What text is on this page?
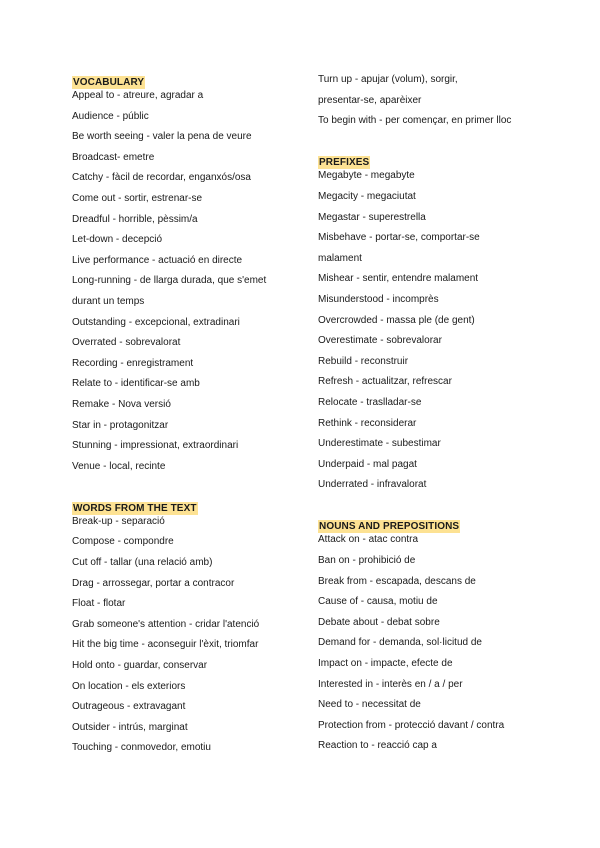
VOCABULARY
Appeal to - atreure, agradar a
Audience - públic
Be worth seeing - valer la pena de veure
Broadcast- emetre
Catchy - fàcil de recordar, enganxós/osa
Come out - sortir, estrenar-se
Dreadful - horrible, pèssim/a
Let-down - decepció
Live performance - actuació en directe
Long-running - de llarga durada, que s'emet
durant un temps
Outstanding - excepcional, extradinari
Overrated - sobrevalorat
Recording - enregistrament
Relate to - identificar-se amb
Remake - Nova versió
Star in - protagonitzar
Stunning - impressionat, extraordinari
Venue - local, recinte
WORDS FROM THE TEXT
Break-up - separació
Compose - compondre
Cut off - tallar (una relació amb)
Drag - arrossegar, portar a contracor
Float - flotar
Grab someone's attention - cridar l'atenció
Hit the big time - aconseguir l'èxit, triomfar
Hold onto - guardar, conservar
On location - els exteriors
Outrageous - extravagant
Outsider - intrús, marginat
Touching - conmovedor, emotiu
Turn up - apujar (volum), sorgir,
presentar-se, aparèixer
To begin with - per començar, en primer lloc
PREFIXES
Megabyte - megabyte
Megacity - megaciutat
Megastar - superestrella
Misbehave - portar-se, comportar-se
malament
Mishear - sentir, entendre malament
Misunderstood - incomprès
Overcrowded - massa ple (de gent)
Overestimate - sobrevalorar
Rebuild - reconstruir
Refresh - actualitzar, refrescar
Relocate - traslladar-se
Rethink - reconsiderar
Underestimate - subestimar
Underpaid - mal pagat
Underrated - infravalorat
NOUNS AND PREPOSITIONS
Attack on - atac contra
Ban on - prohibició de
Break from - escapada, descans de
Cause of - causa, motiu de
Debate about - debat sobre
Demand for - demanda, sol·licitud de
Impact on - impacte, efecte de
Interested in - interès en / a / per
Need to - necessitat de
Protection from - protecció davant / contra
Reaction to - reacció cap a
